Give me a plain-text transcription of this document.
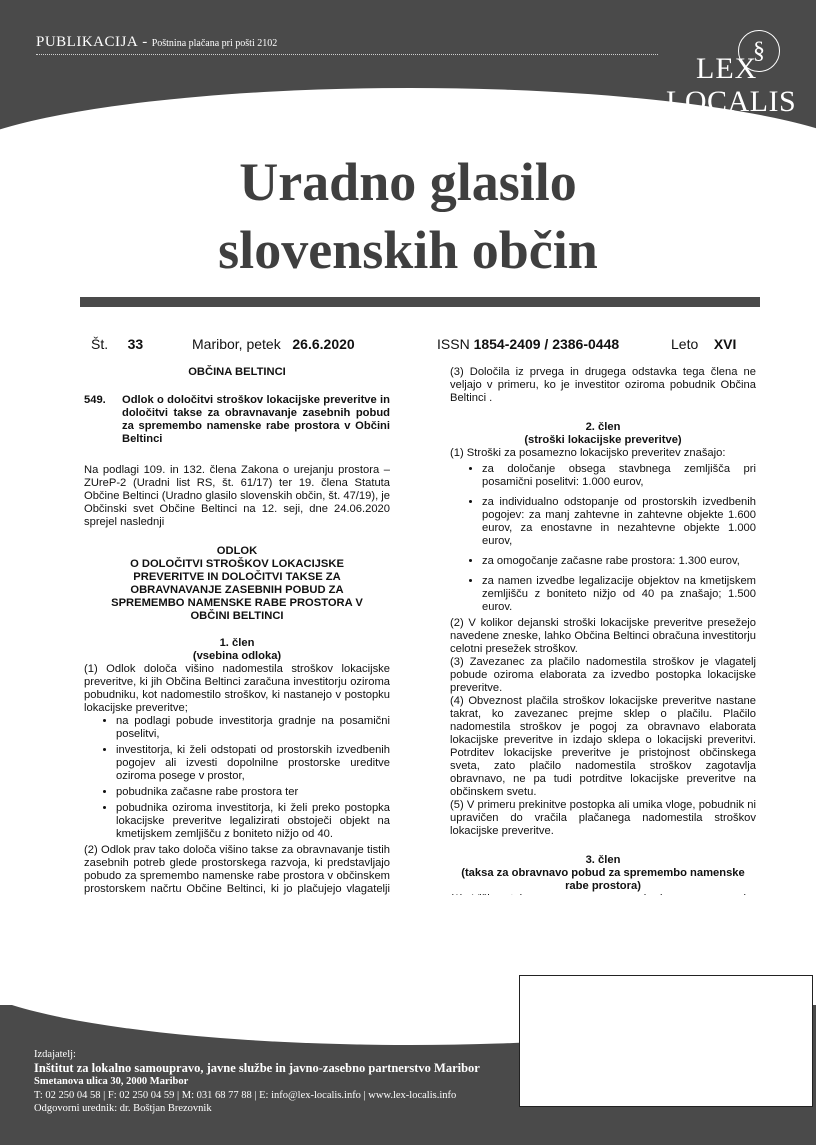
PUBLIKACIJA - Poštnina plačana pri pošti 2102	§
LEX
LOCALIS
Uradno glasilo
slovenskih občin
Št. 33	Maribor, petek 26.6.2020	ISSN 1854-2409 / 2386-0448	Leto XVI

OBČINA BELTINCI

549.	Odlok o določitvi stroškov lokacijske preveritve in določitvi takse za obravnavanje zasebnih pobud za spremembo namenske rabe prostora v Občini Beltinci

Na podlagi 109. in 132. člena Zakona o urejanju prostora – ZUreP-2 (Uradni list RS, št. 61/17) ter 19. člena Statuta Občine Beltinci (Uradno glasilo slovenskih občin, št. 47/19), je Občinski svet Občine Beltinci na 12. seji, dne 24.06.2020 sprejel naslednji

ODLOK
O DOLOČITVI STROŠKOV LOKACIJSKE
PREVERITVE IN DOLOČITVI TAKSE ZA
OBRAVNAVANJE ZASEBNIH POBUD ZA
SPREMEMBO NAMENSKE RABE PROSTORA V
OBČINI BELTINCI

1. člen

(vsebina odloka)

(1) Odlok določa višino nadomestila stroškov lokacijske preveritve, ki jih Občina Beltinci zaračuna investitorju oziroma pobudniku, kot nadomestilo stroškov, ki nastanejo v postopku lokacijske preveritve;

• na podlagi pobude investitorja gradnje na posamični poselitvi,
• investitorja, ki želi odstopati od prostorskih izvedbenih pogojev ali izvesti dopolnilne prostorske ureditve oziroma posege v prostor,
• pobudnika začasne rabe prostora ter
• pobudnika oziroma investitorja, ki želi preko postopka lokacijske preveritve legalizirati obstoječi objekt na kmetijskem zemljišču z boniteto nižjo od 40.

(2) Odlok prav tako določa višino takse za obravnavanje tistih zasebnih potreb glede prostorskega razvoja, ki predstavljajo pobudo za spremembo namenske rabe prostora v občinskem prostorskem načrtu Občine Beltinci, ki jo plačujejo vlagatelji

(3) Določila iz prvega in drugega odstavka tega člena ne veljajo v primeru, ko je investitor oziroma pobudnik Občina Beltinci .

2. člen

(stroški lokacijske preveritve)

(1) Stroški za posamezno lokacijsko preveritev znašajo:

• za določanje obsega stavbnega zemljišča pri posamični poselitvi: 1.000 eurov,
• za individualno odstopanje od prostorskih izvedbenih pogojev: za manj zahtevne in zahtevne objekte 1.600 eurov, za enostavne in nezahtevne objekte 1.000 eurov,
• za omogočanje začasne rabe prostora: 1.300 eurov,
• za namen izvedbe legalizacije objektov na kmetijskem zemljišču z boniteto nižjo od 40 pa znašajo; 1.500 eurov.

(2) V kolikor dejanski stroški lokacijske preveritve presežejo navedene zneske, lahko Občina Beltinci obračuna investitorju celotni presežek stroškov.

(3) Zavezanec za plačilo nadomestila stroškov je vlagatelj pobude oziroma elaborata za izvedbo postopka lokacijske preveritve.

(4) Obveznost plačila stroškov lokacijske preveritve nastane takrat, ko zavezanec prejme sklep o plačilu. Plačilo nadomestila stroškov je pogoj za obravnavo elaborata lokacijske preveritve in izdajo sklepa o lokacijski preveritvi. Potrditev lokacijske preveritve je pristojnost občinskega sveta, zato plačilo nadomestila stroškov zagotavlja obravnavo, ne pa tudi potrditve lokacijske preveritve na občinskem svetu.

(5) V primeru prekinitve postopka ali umika vloge, pobudnik ni upravičen do vračila plačanega nadomestila stroškov lokacijske preveritve.

3. člen

(taksa za obravnavo pobud za spremembo namenske rabe prostora)

1.
Izdajatelj:
Inštitut za lokalno samoupravo, javne službe in javno-zasebno partnerstvo Maribor
Smetanova ulica 30, 2000 Maribor
T: 02 250 04 58 | F: 02 250 04 59 | M: 031 68 77 88 | E: info@lex-localis.info | www.lex-localis.info
Odgovorni urednik: dr. Boštjan Brezovnik
